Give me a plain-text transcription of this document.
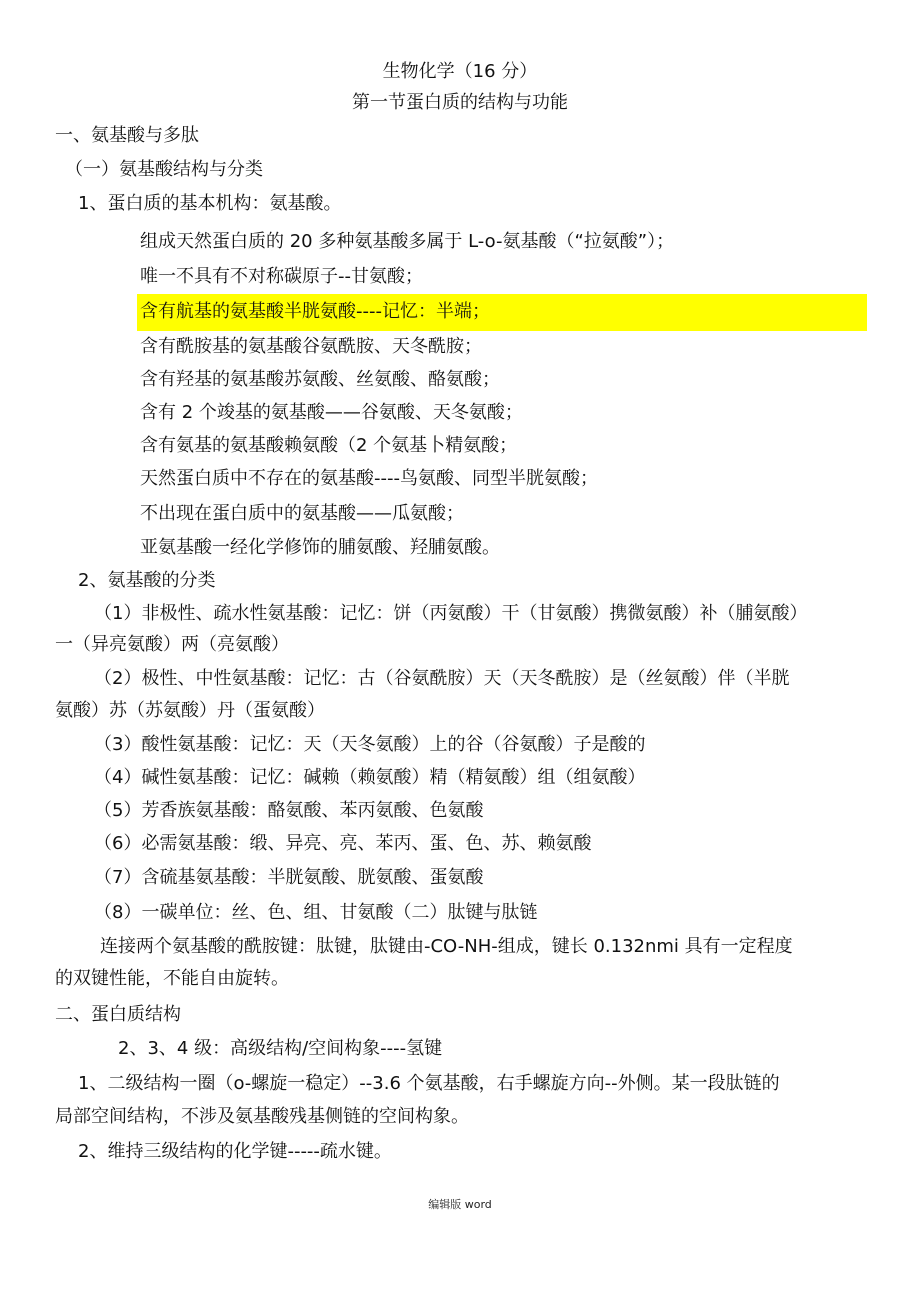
生物化学（16 分）
第一节蛋白质的结构与功能
一、氨基酸与多肽
（一）氨基酸结构与分类
1、蛋白质的基本机构：氨基酸。
组成天然蛋白质的 20 多种氨基酸多属于 L-o-氨基酸（“拉氨酸”）；
唯一不具有不对称碳原子--甘氨酸；
含有航基的氨基酸半胱氨酸----记忆：半端；
含有酰胺基的氨基酸谷氨酰胺、天冬酰胺；
含有羟基的氨基酸苏氨酸、丝氨酸、酪氨酸；
含有 2 个竣基的氨基酸——谷氨酸、天冬氨酸；
含有氨基的氨基酸赖氨酸（2 个氨基卜精氨酸；
天然蛋白质中不存在的氨基酸----鸟氨酸、同型半胱氨酸；
不出现在蛋白质中的氨基酸——瓜氨酸；
亚氨基酸一经化学修饰的脯氨酸、羟脯氨酸。
2、氨基酸的分类
（1）非极性、疏水性氨基酸：记忆：饼（丙氨酸）干（甘氨酸）携微氨酸）补（脯氨酸）
一（异亮氨酸）两（亮氨酸）
（2）极性、中性氨基酸：记忆：古（谷氨酰胺）天（天冬酰胺）是（丝氨酸）伴（半胱
氨酸）苏（苏氨酸）丹（蛋氨酸）
（3）酸性氨基酸：记忆：天（天冬氨酸）上的谷（谷氨酸）子是酸的
（4）碱性氨基酸：记忆：碱赖（赖氨酸）精（精氨酸）组（组氨酸）
（5）芳香族氨基酸：酪氨酸、苯丙氨酸、色氨酸
（6）必需氨基酸：缎、异亮、亮、苯丙、蛋、色、苏、赖氨酸
（7）含硫基氨基酸：半胱氨酸、胱氨酸、蛋氨酸
（8）一碳单位：丝、色、组、甘氨酸（二）肽键与肽链
连接两个氨基酸的酰胺键：肽键，肽键由-CO-NH-组成，键长 0.132nmi 具有一定程度
的双键性能，不能自由旋转。
二、蛋白质结构
2、3、4 级：高级结构/空间构象----氢键
1、二级结构一圈（o-螺旋一稳定）--3.6 个氨基酸，右手螺旋方向--外侧。某一段肽链的
局部空间结构，不涉及氨基酸残基侧链的空间构象。
2、维持三级结构的化学键-----疏水键。
编辑版 word
